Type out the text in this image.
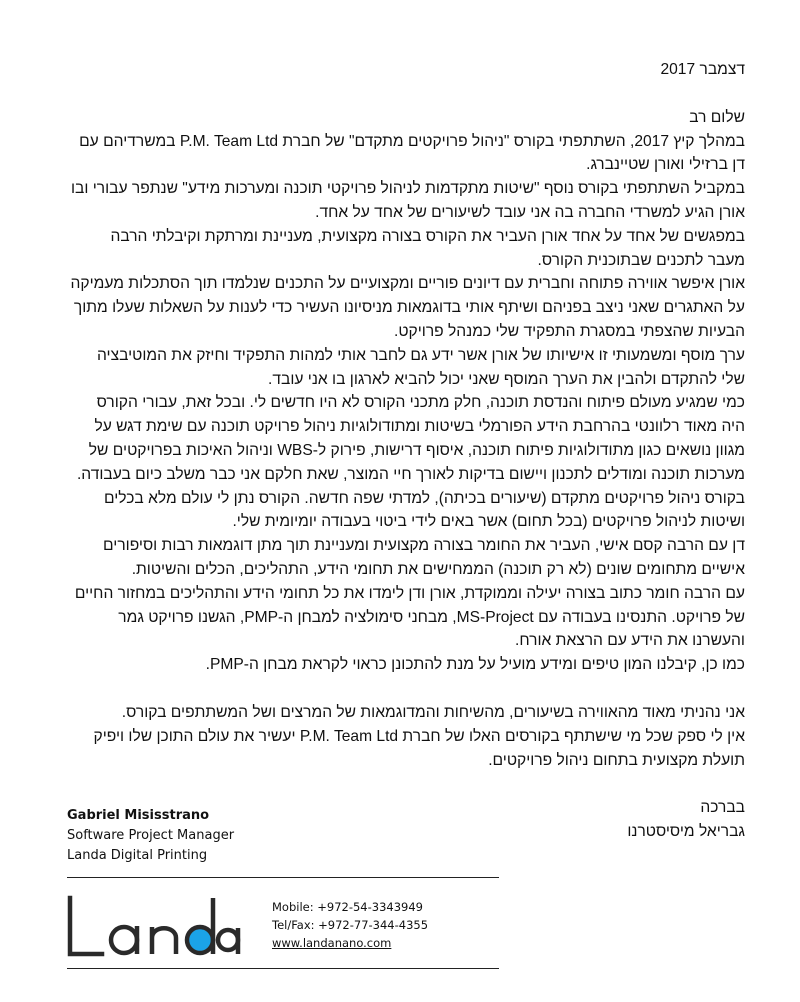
דצמבר 2017

שלום רב

במהלך קיץ 2017, השתתפתי בקורס "ניהול פרויקטים מתקדם" של חברת P.M. Team Ltd במשרדיהם עם דן ברזילי ואורן שטיינברג.

במקביל השתתפתי בקורס נוסף "שיטות מתקדמות לניהול פרויקטי תוכנה ומערכות מידע" שנתפר עבורי ובו אורן הגיע למשרדי החברה בה אני עובד לשיעורים של אחד על אחד.

במפגשים של אחד על אחד אורן העביר את הקורס בצורה מקצועית, מעניינת ומרתקת וקיבלתי הרבה מעבר לתכנים שבתוכנית הקורס.

אורן איפשר אווירה פתוחה וחברית עם דיונים פוריים ומקצועיים על התכנים שנלמדו תוך הסתכלות מעמיקה על האתגרים שאני ניצב בפניהם ושיתף אותי בדוגמאות מניסיונו העשיר כדי לענות על השאלות שעלו מתוך הבעיות שהצפתי במסגרת התפקיד שלי כמנהל פרויקט.

ערך מוסף ומשמעותי זו אישיותו של אורן אשר ידע גם לחבר אותי למהות התפקיד וחיזק את המוטיבציה שלי להתקדם ולהבין את הערך המוסף שאני יכול להביא לארגון בו אני עובד.

כמי שמגיע מעולם פיתוח והנדסת תוכנה, חלק מתכני הקורס לא היו חדשים לי. ובכל זאת, עבורי הקורס היה מאוד רלוונטי בהרחבת הידע הפורמלי בשיטות ומתודולוגיות ניהול פרויקט תוכנה עם שימת דגש על מגוון נושאים כגון מתודולוגיות פיתוח תוכנה, איסוף דרישות, פירוק ל-WBS וניהול האיכות בפרויקטים של מערכות תוכנה ומודלים לתכנון ויישום בדיקות לאורך חיי המוצר, שאת חלקם אני כבר משלב כיום בעבודה.

בקורס ניהול פרויקטים מתקדם (שיעורים בכיתה), למדתי שפה חדשה. הקורס נתן לי עולם מלא בכלים ושיטות לניהול פרויקטים (בכל תחום) אשר באים לידי ביטוי בעבודה יומיומית שלי.

דן עם הרבה קסם אישי, העביר את החומר בצורה מקצועית ומעניינת תוך מתן דוגמאות רבות וסיפורים אישיים מתחומים שונים (לא רק תוכנה) הממחישים את תחומי הידע, התהליכים, הכלים והשיטות.

עם הרבה חומר כתוב בצורה יעילה וממוקדת, אורן ודן לימדו את כל תחומי הידע והתהליכים במחזור החיים של פרויקט. התנסינו בעבודה עם MS-Project, מבחני סימולציה למבחן ה-PMP, הגשנו פרויקט גמר והעשרנו את הידע עם הרצאת אורח.

כמו כן, קיבלנו המון טיפים ומידע מועיל על מנת להתכונן כראוי לקראת מבחן ה-PMP.

אני נהניתי מאוד מהאווירה בשיעורים, מהשיחות והמדוגמאות של המרצים ושל המשתתפים בקורס.

אין לי ספק שכל מי שישתתף בקורסים האלו של חברת P.M. Team Ltd יעשיר את עולם התוכן שלו ויפיק תועלת מקצועית בתחום ניהול פרויקטים.

בברכה

גבריאל מיסיסטרנו

Gabriel Misisstrano
Software Project Manager
Landa Digital Printing
Mobile: +972-54-3343949
Tel/Fax: +972-77-344-4355
www.landanano.com
